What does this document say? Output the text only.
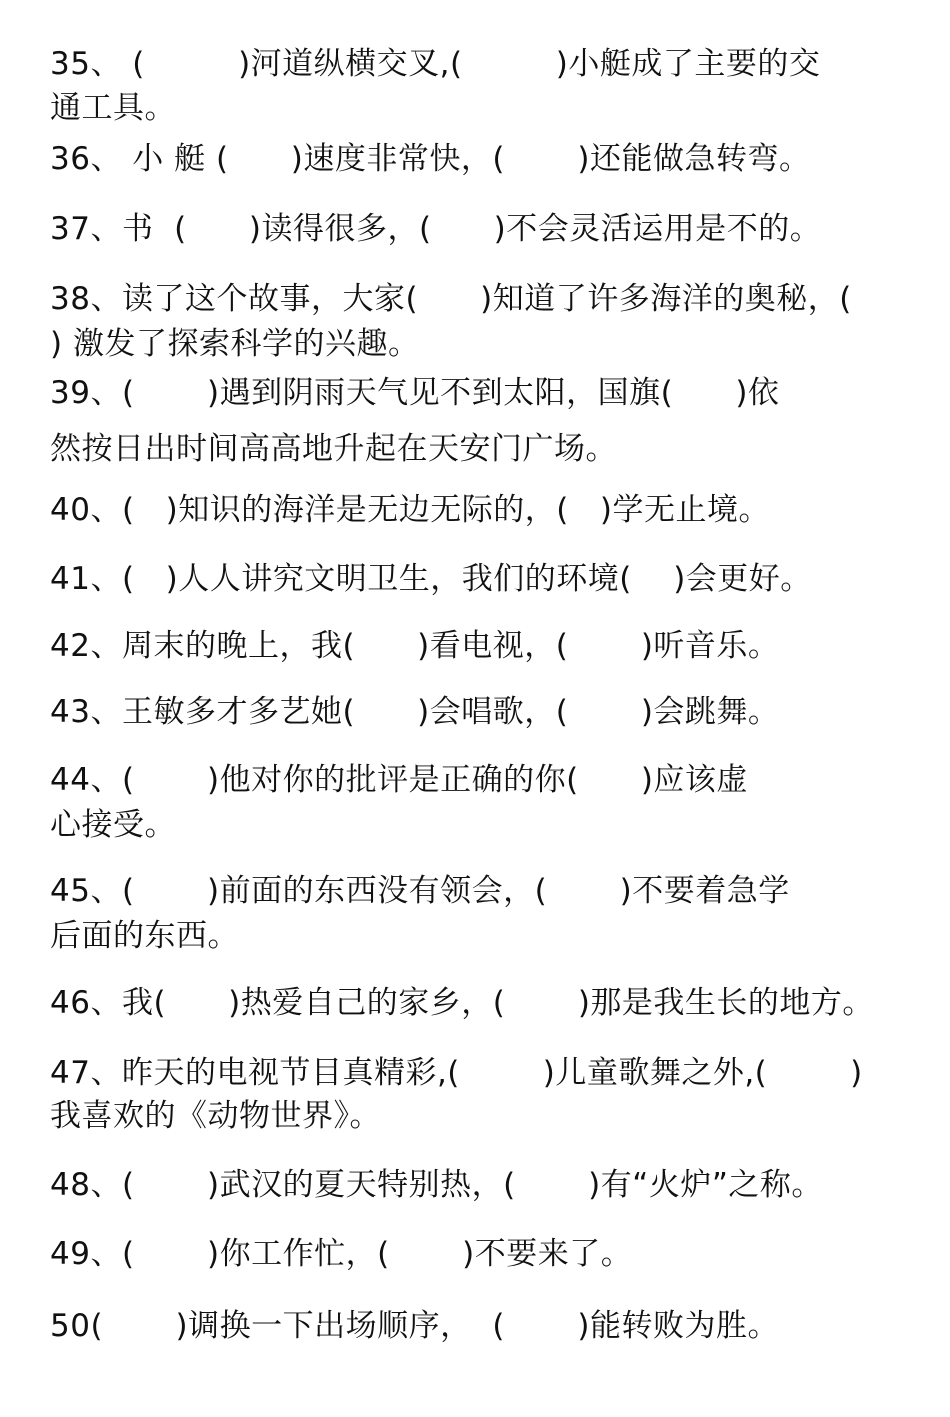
35、 (         )河道纵横交叉,(         )小艇成了主要的交
通工具。
36、 小 艇 (      )速度非常快，(       )还能做急转弯。
37、书  (      )读得很多，(      )不会灵活运用是不的。
38、读了这个故事，大家(      )知道了许多海洋的奥秘，(
) 激发了探索科学的兴趣。
39、(       )遇到阴雨天气见不到太阳，国旗(      )依
然按日出时间高高地升起在天安门广场。
40、(   )知识的海洋是无边无际的，(   )学无止境。
41、(   )人人讲究文明卫生，我们的环境(    )会更好。
42、周末的晚上，我(      )看电视，(       )听音乐。
43、王敏多才多艺她(      )会唱歌，(       )会跳舞。
44、(       )他对你的批评是正确的你(      )应该虚
心接受。
45、(       )前面的东西没有领会，(       )不要着急学
后面的东西。
46、我(      )热爱自己的家乡，(       )那是我生长的地方。
47、昨天的电视节目真精彩,(        )儿童歌舞之外,(        )
我喜欢的《动物世界》。
48、(       )武汉的夏天特别热，(       )有“火炉”之称。
49、(       )你工作忙，(       )不要来了。
50(       )调换一下出场顺序，  (       )能转败为胜。
